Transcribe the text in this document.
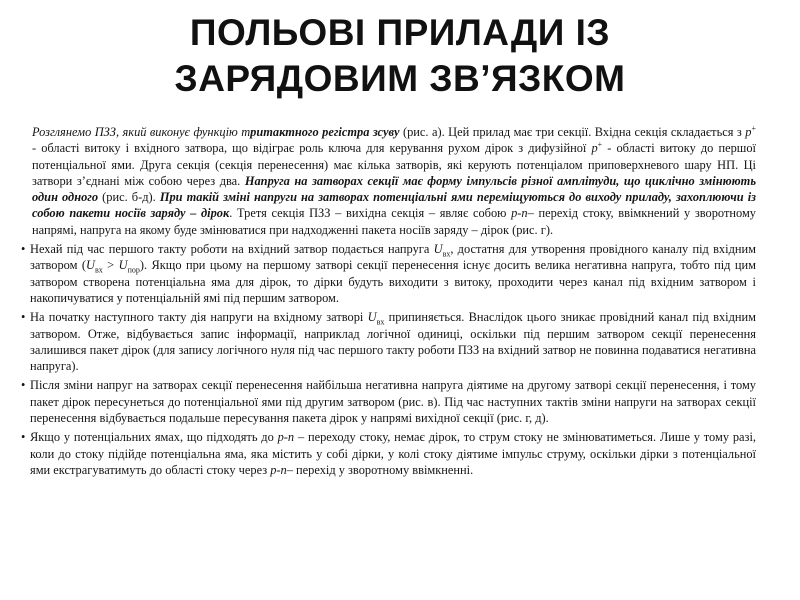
ПОЛЬОВІ ПРИЛАДИ ІЗ
ЗАРЯДОВИМ ЗВ’ЯЗКОМ

Розглянемо ПЗЗ, який виконує функцію тритактного регістра зсуву (рис. а). Цей прилад має три секції. Вхідна секція складається з р+ - області витоку і вхідного затвора, що відіграє роль ключа для керування рухом дірок з дифузійної р+ - області витоку до першої потенціальної ями. Друга секція (секція перенесення) має кілька затворів, які керують потенціалом приповерхневого шару НП. Ці затвори з’єднані між собою через два. Напруга на затворах секції має форму імпульсів різної амплітуди, що циклічно змінюють один одного (рис. б-д). При такій зміні напруги на затворах потенціальні ями переміщуються до виходу приладу, захоплюючи із собою пакети носіїв заряду – дірок. Третя секція ПЗЗ – вихідна секція – являє собою p-n– перехід стоку, ввімкнений у зворотному напрямі, напруга на якому буде змінюватися при надходженні пакета носіїв заряду – дірок (рис. г).

• Нехай під час першого такту роботи на вхідний затвор подається напруга $U_{вх}$, достатня для утворення провідного каналу під вхідним затвором $(U_{вх} > U_{пор})$. Якщо при цьому на першому затворі секції перенесення існує досить велика негативна напруга, тобто під цим затвором створена потенціальна яма для дірок, то дірки будуть виходити з витоку, проходити через канал під вхідним затвором і накопичуватися у потенціальній ямі під першим затвором.

• На початку наступного такту дія напруги на вхідному затворі $U_{вх}$ припиняється. Внаслідок цього зникає провідний канал під вхідним затвором. Отже, відбувається запис інформації, наприклад логічної одиниці, оскільки під першим затвором секції перенесення залишився пакет дірок (для запису логічного нуля під час першого такту роботи ПЗЗ на вхідний затвор не повинна подаватися негативна напруга).

• Після зміни напруг на затворах секції перенесення найбільша негативна напруга діятиме на другому затворі секції перенесення, і тому пакет дірок пересунеться до потенціальної ями під другим затвором (рис. в). Під час наступних тактів зміни напруги на затворах секції перенесення відбувається подальше пересування пакета дірок у напрямі вихідної секції (рис. г, д).

• Якщо у потенціальних ямах, що підходять до p-n – переходу стоку, немає дірок, то струм стоку не змінюватиметься. Лише у тому разі, коли до стоку підійде потенціальна яма, яка містить у собі дірки, у колі стоку діятиме імпульс струму, оскільки дірки з потенціальної ями екстрагуватимуть до області стоку через p-n– перехід у зворотному ввімкненні.
